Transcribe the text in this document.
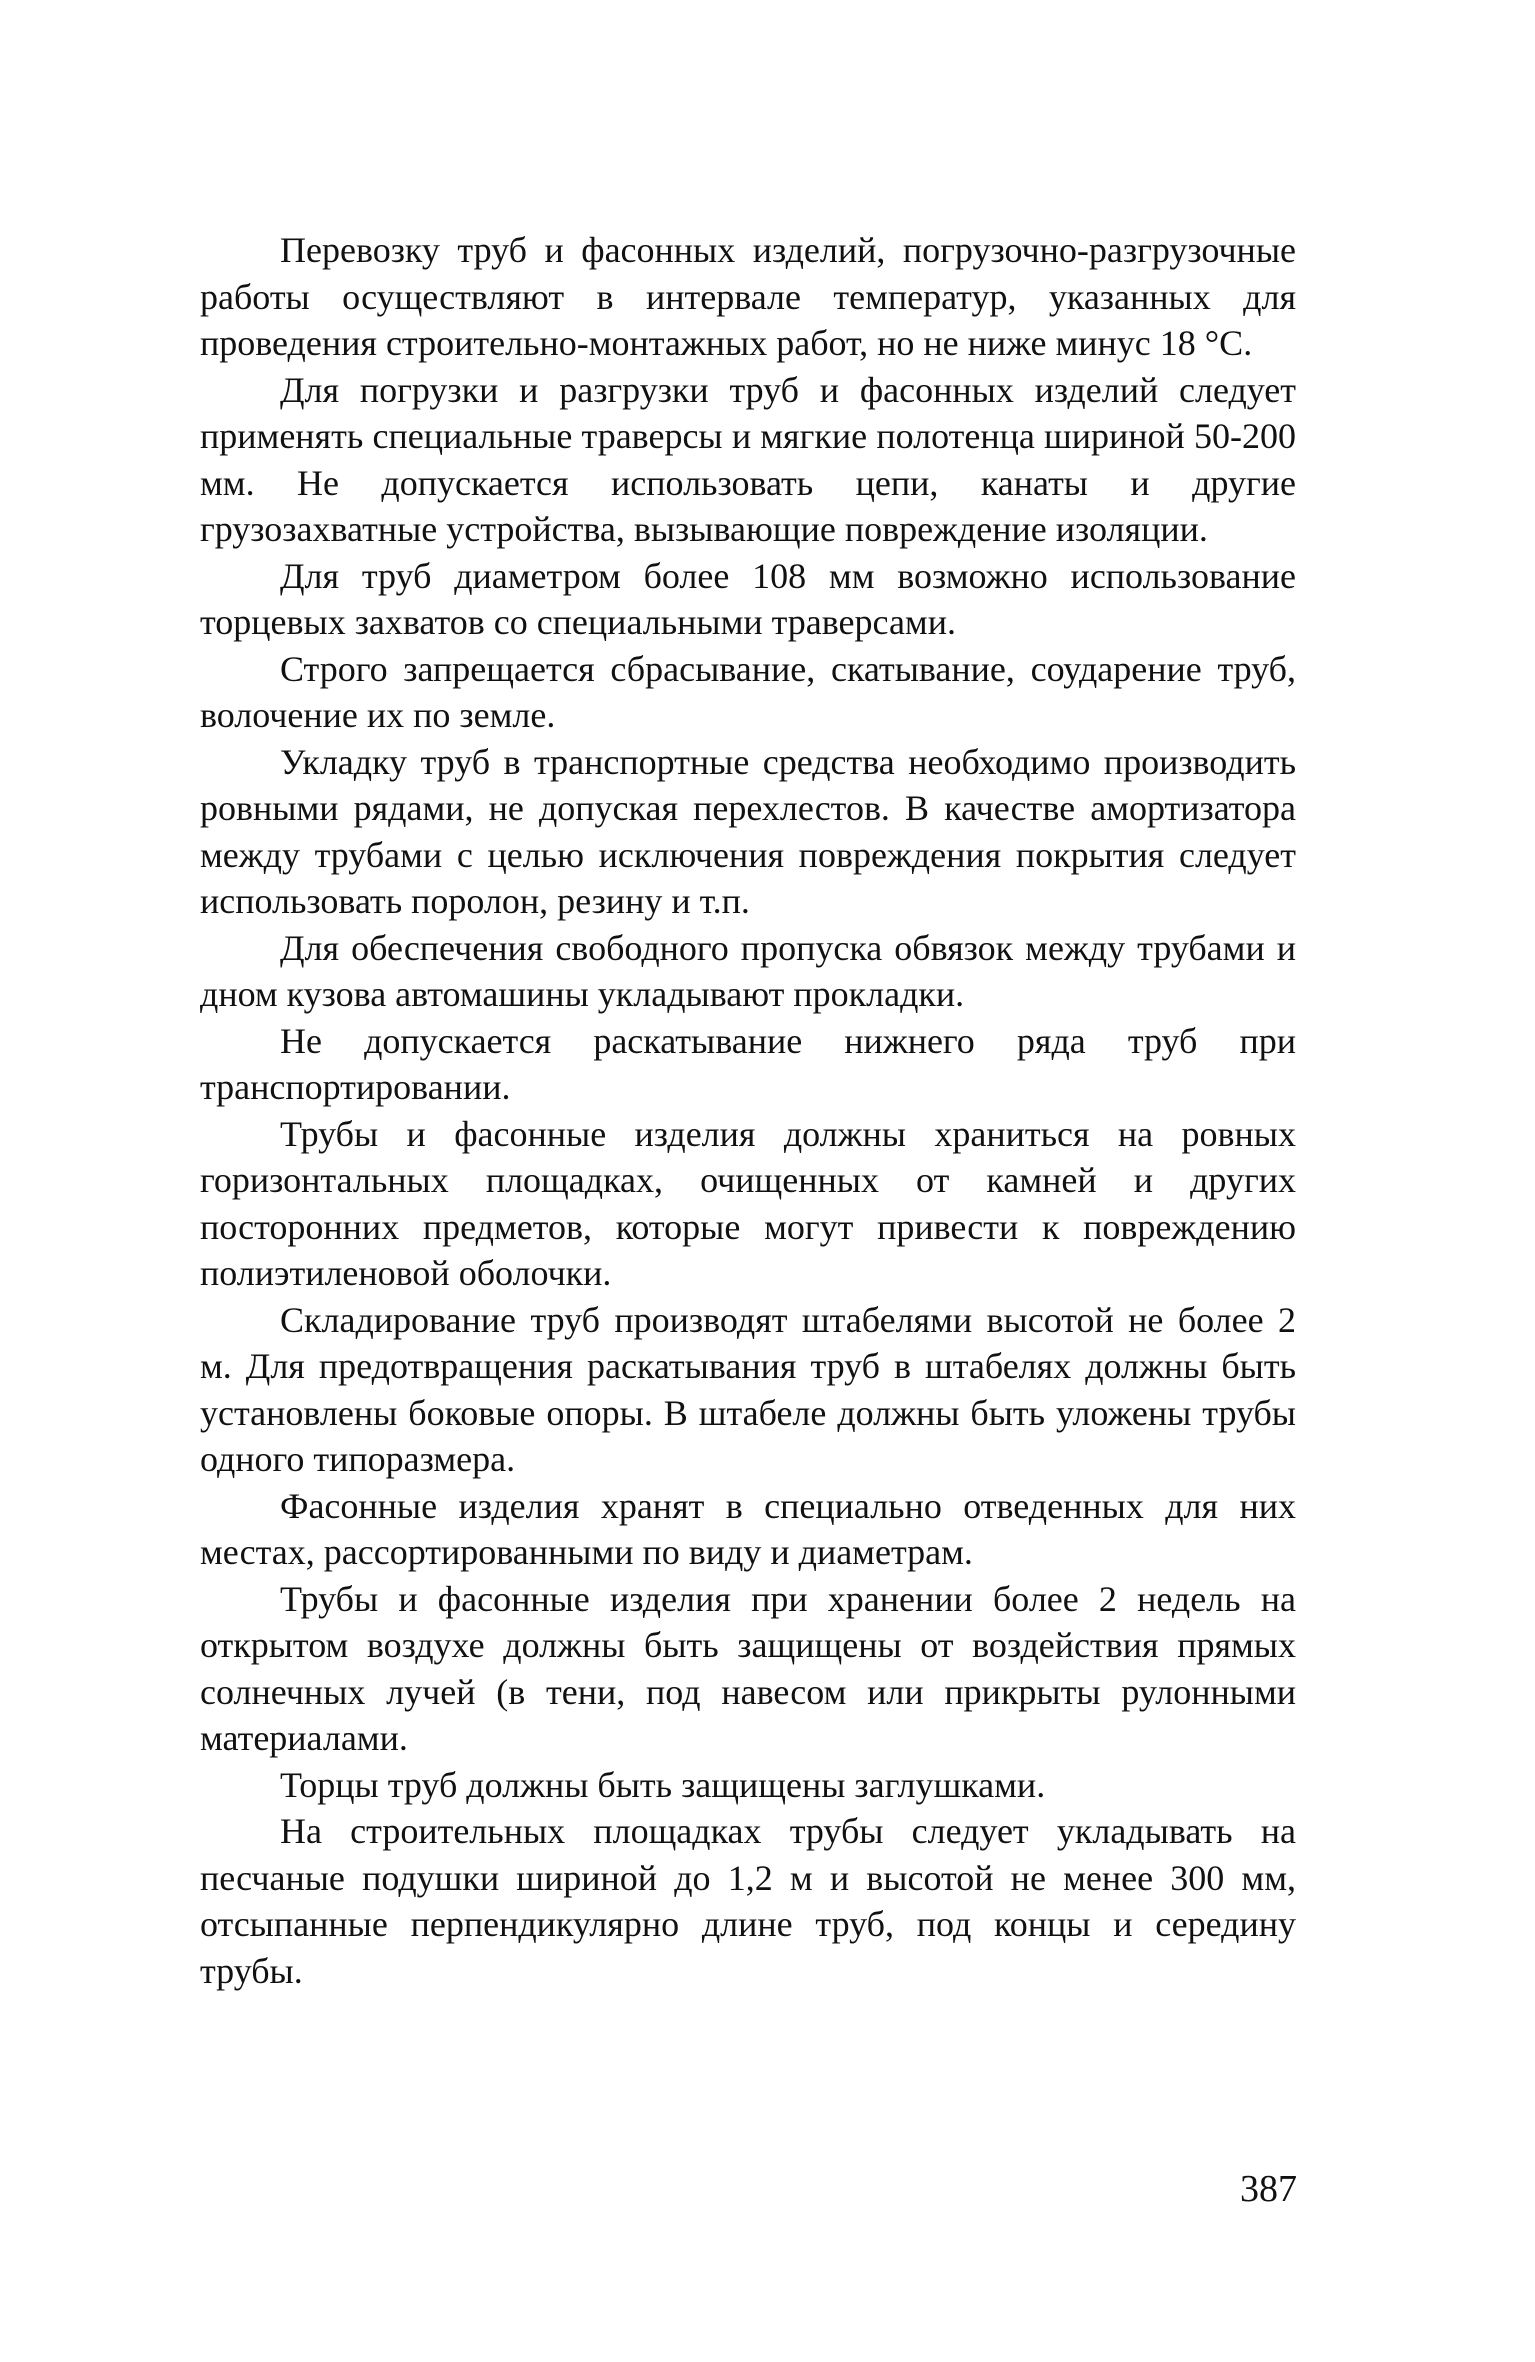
Перевозку труб и фасонных изделий, погрузочно-разгрузочные работы осуществляют в интервале температур, указанных для проведения строительно-монтажных работ, но не ниже минус 18 °С.

Для погрузки и разгрузки труб и фасонных изделий следует применять специальные траверсы и мягкие полотенца шириной 50-200 мм. Не допускается использовать цепи, канаты и другие грузозахватные устройства, вызывающие повреждение изоляции.

Для труб диаметром более 108 мм возможно использование торцевых захватов со специальными траверсами.

Строго запрещается сбрасывание, скатывание, соударение труб, волочение их по земле.

Укладку труб в транспортные средства необходимо производить ровными рядами, не допуская перехлестов. В качестве амортизатора между трубами с целью исключения повреждения покрытия следует использовать поролон, резину и т.п.

Для обеспечения свободного пропуска обвязок между трубами и дном кузова автомашины укладывают прокладки.

Не допускается раскатывание нижнего ряда труб при транспортировании.

Трубы и фасонные изделия должны храниться на ровных горизонтальных площадках, очищенных от камней и других посторонних предметов, которые могут привести к повреждению полиэтиленовой оболочки.

Складирование труб производят штабелями высотой не более 2 м. Для предотвращения раскатывания труб в штабелях должны быть установлены боковые опоры. В штабеле должны быть уложены трубы одного типоразмера.

Фасонные изделия хранят в специально отведенных для них местах, рассортированными по виду и диаметрам.

Трубы и фасонные изделия при хранении более 2 недель на открытом воздухе должны быть защищены от воздействия прямых солнечных лучей (в тени, под навесом или прикрыты рулонными материалами.

Торцы труб должны быть защищены заглушками.

На строительных площадках трубы следует укладывать на песчаные подушки шириной до 1,2 м и высотой не менее 300 мм, отсыпанные перпендикулярно длине труб, под концы и середину трубы.

387
